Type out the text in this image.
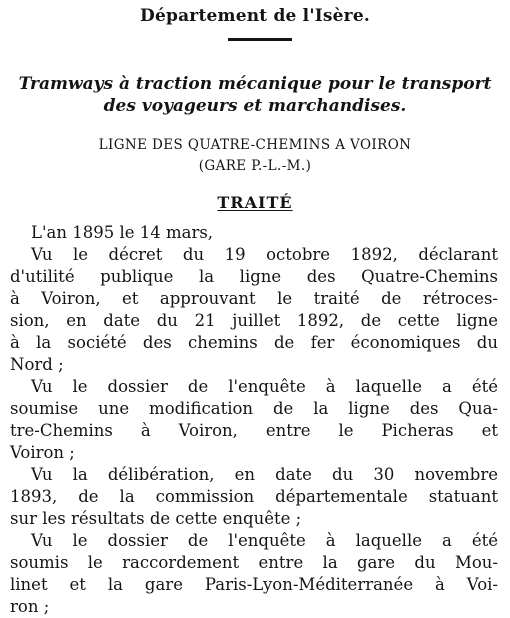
Département de l'Isère.
Tramways à traction mécanique pour le transport
des voyageurs et marchandises.
LIGNE DES QUATRE-CHEMINS A VOIRON
(GARE P.-L.-M.)
TRAITÉ
L'an 1895 le 14 mars,
Vu le décret du 19 octobre 1892, déclarant
d'utilité publique la ligne des Quatre-Chemins
à Voiron, et approuvant le traité de rétroces-
sion, en date du 21 juillet 1892, de cette ligne
à la société des chemins de fer économiques du
Nord ;
Vu le dossier de l'enquête à laquelle a été
soumise une modification de la ligne des Qua-
tre-Chemins à Voiron, entre le Picheras et
Voiron ;
Vu la délibération, en date du 30 novembre
1893, de la commission départementale statuant
sur les résultats de cette enquête ;
Vu le dossier de l'enquête à laquelle a été
soumis le raccordement entre la gare du Mou-
linet et la gare Paris-Lyon-Méditerranée à Voi-
ron ;
